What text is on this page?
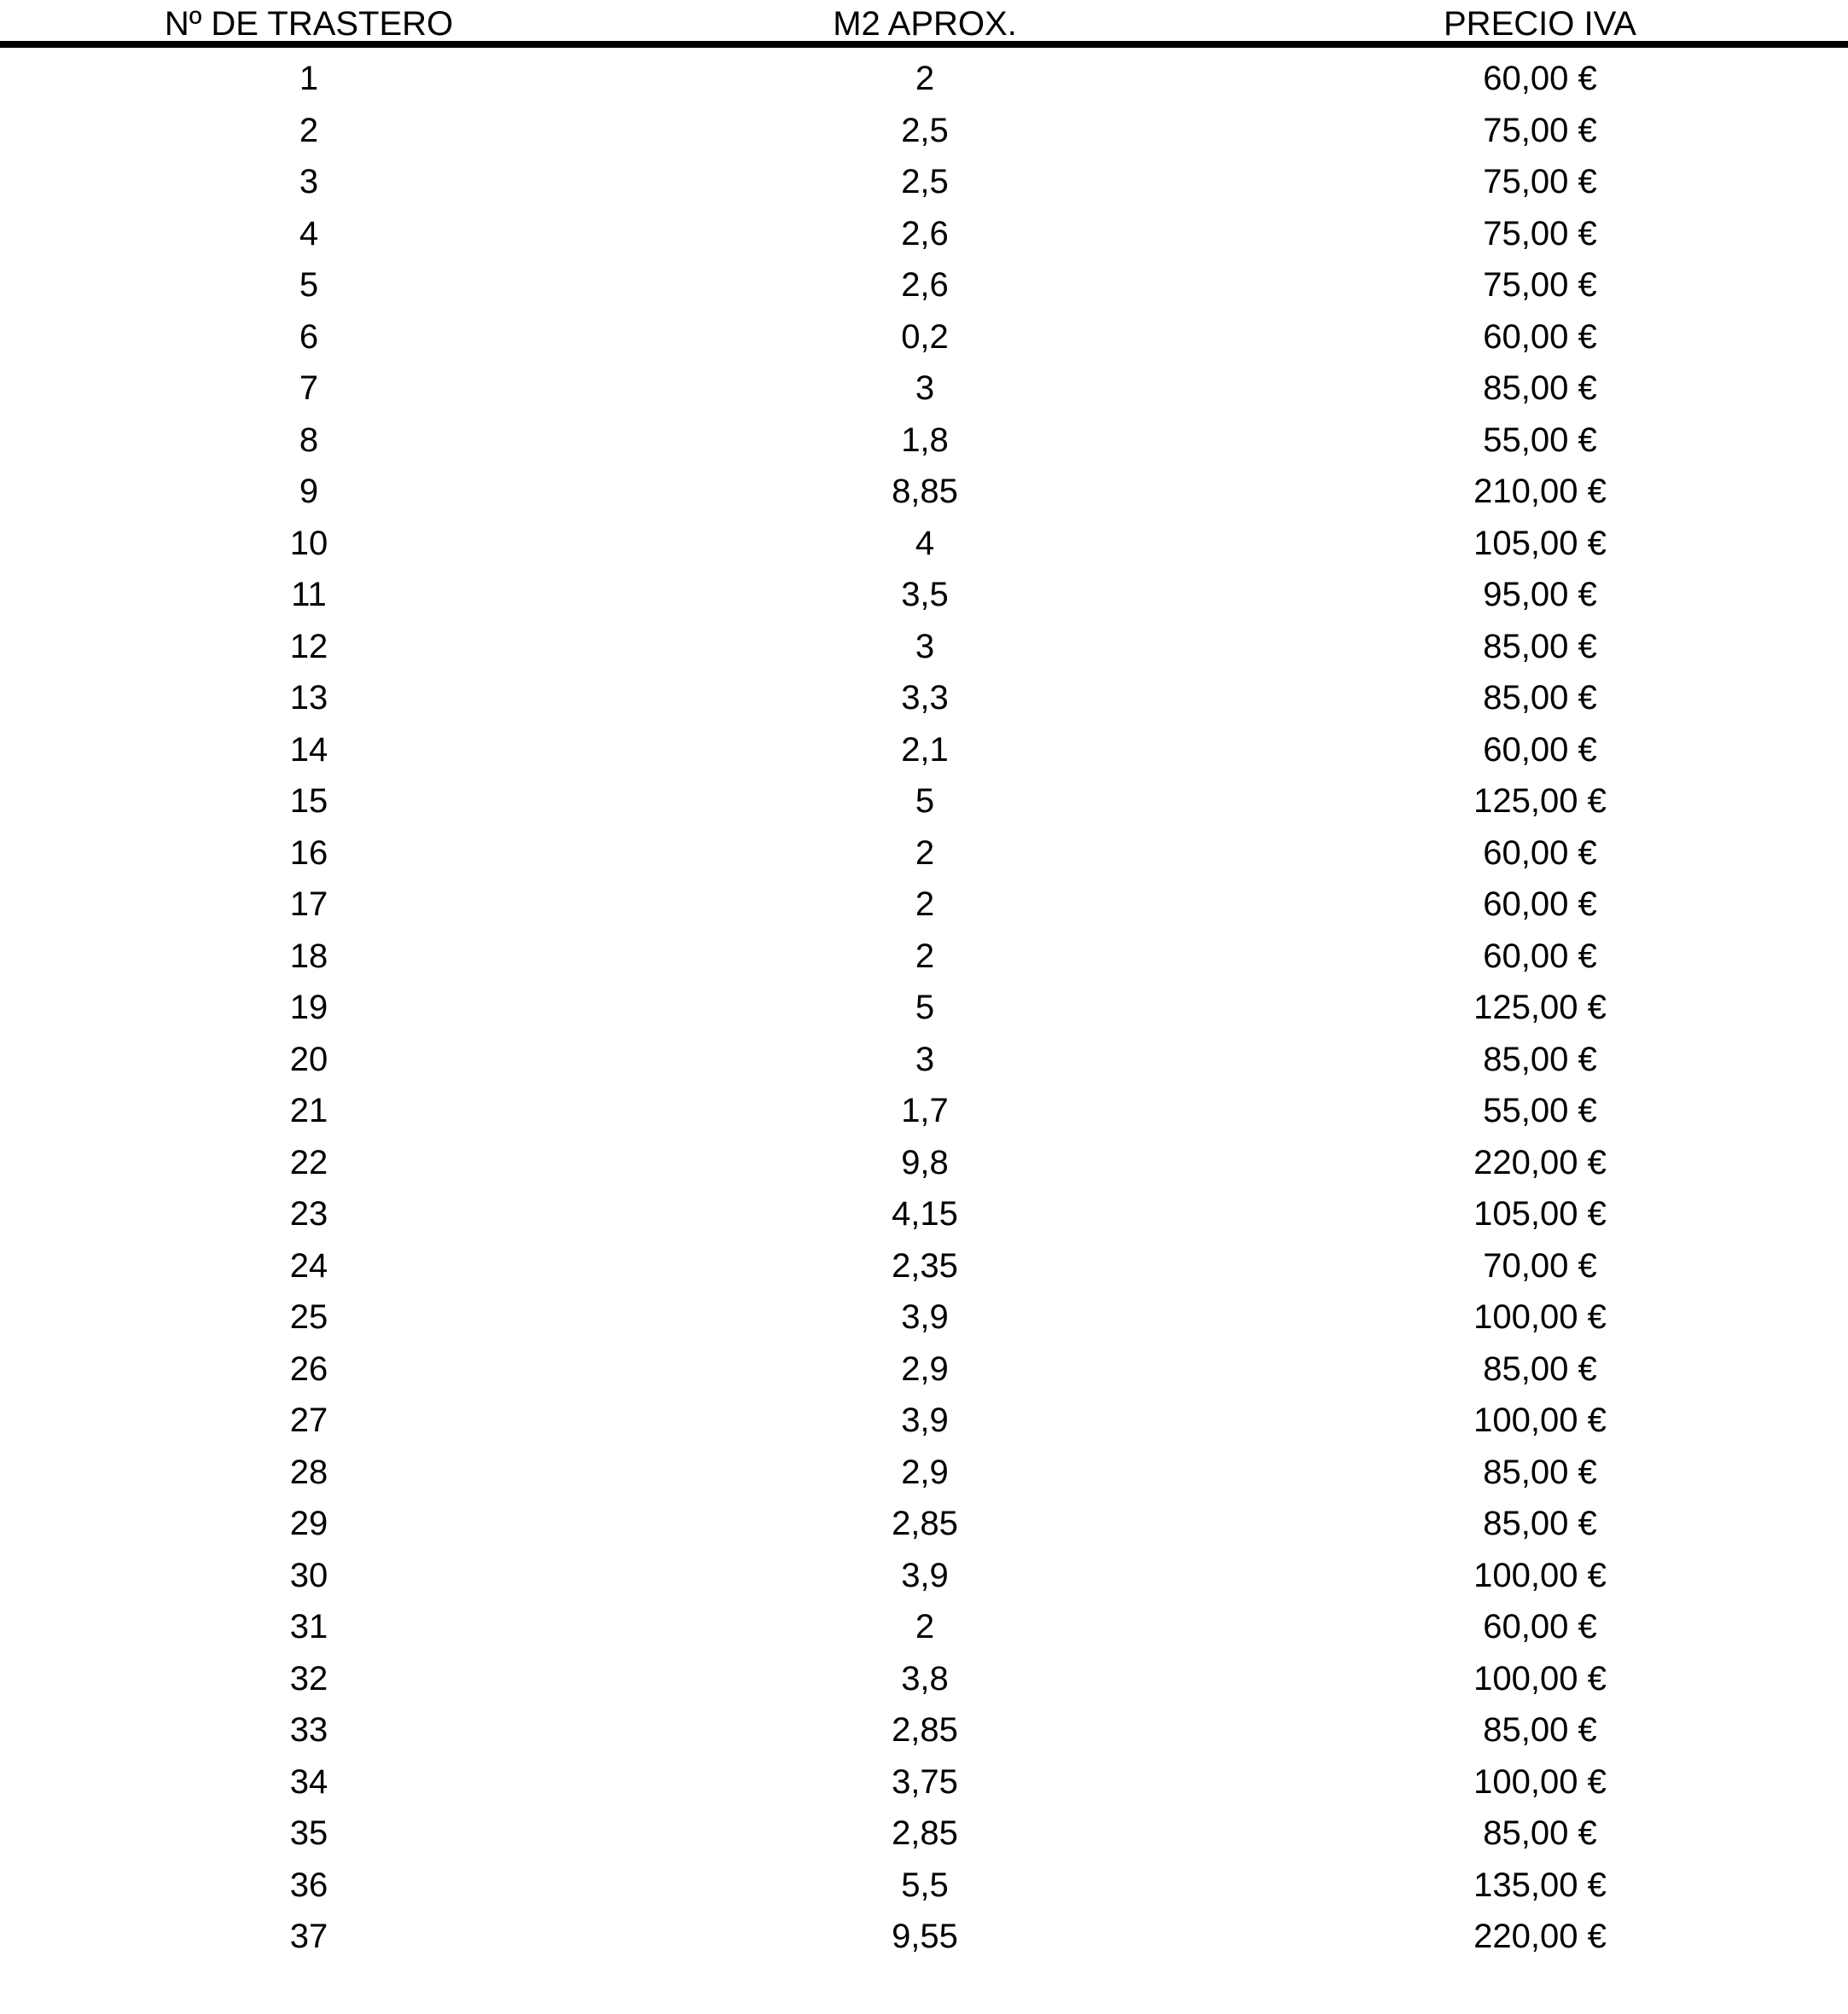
Nº DE TRASTERO	M2 APROX.	PRECIO IVA
1	2	60,00 €
2	2,5	75,00 €
3	2,5	75,00 €
4	2,6	75,00 €
5	2,6	75,00 €
6	0,2	60,00 €
7	3	85,00 €
8	1,8	55,00 €
9	8,85	210,00 €
10	4	105,00 €
11	3,5	95,00 €
12	3	85,00 €
13	3,3	85,00 €
14	2,1	60,00 €
15	5	125,00 €
16	2	60,00 €
17	2	60,00 €
18	2	60,00 €
19	5	125,00 €
20	3	85,00 €
21	1,7	55,00 €
22	9,8	220,00 €
23	4,15	105,00 €
24	2,35	70,00 €
25	3,9	100,00 €
26	2,9	85,00 €
27	3,9	100,00 €
28	2,9	85,00 €
29	2,85	85,00 €
30	3,9	100,00 €
31	2	60,00 €
32	3,8	100,00 €
33	2,85	85,00 €
34	3,75	100,00 €
35	2,85	85,00 €
36	5,5	135,00 €
37	9,55	220,00 €
